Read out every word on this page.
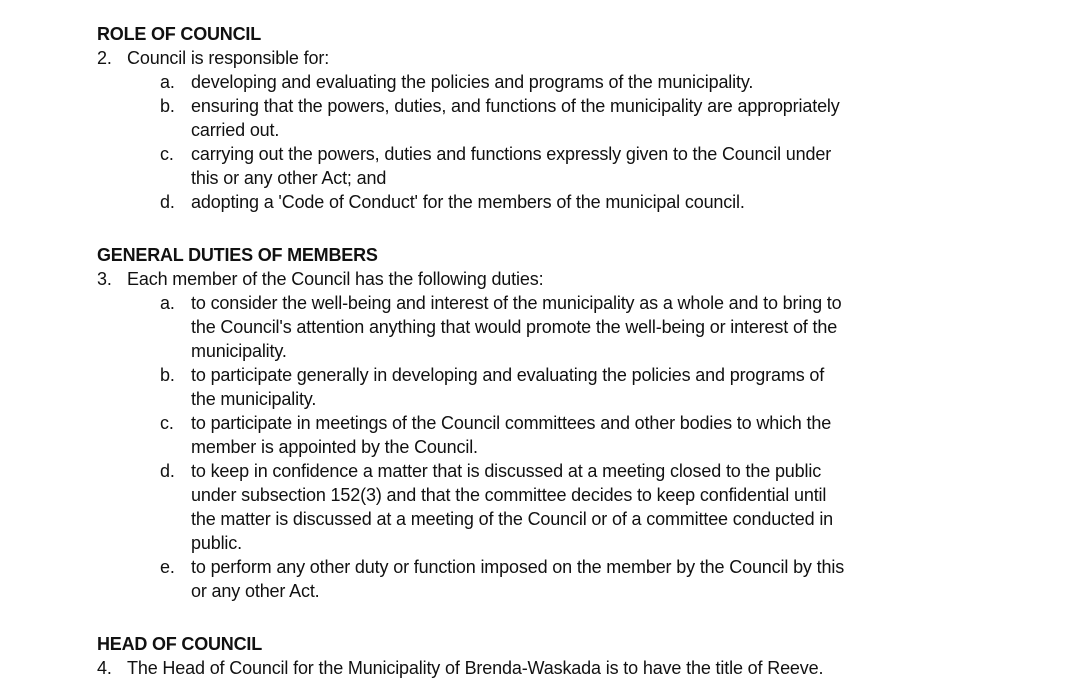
ROLE OF COUNCIL

2. Council is responsible for:
a. developing and evaluating the policies and programs of the municipality.
b. ensuring that the powers, duties, and functions of the municipality are appropriately
carried out.
c. carrying out the powers, duties and functions expressly given to the Council under
this or any other Act; and
d. adopting a 'Code of Conduct' for the members of the municipal council.

GENERAL DUTIES OF MEMBERS

3. Each member of the Council has the following duties:
a. to consider the well-being and interest of the municipality as a whole and to bring to
the Council's attention anything that would promote the well-being or interest of the
municipality.
b. to participate generally in developing and evaluating the policies and programs of
the municipality.
c. to participate in meetings of the Council committees and other bodies to which the
member is appointed by the Council.
d. to keep in confidence a matter that is discussed at a meeting closed to the public
under subsection 152(3) and that the committee decides to keep confidential until
the matter is discussed at a meeting of the Council or of a committee conducted in
public.
e. to perform any other duty or function imposed on the member by the Council by this
or any other Act.

HEAD OF COUNCIL

4. The Head of Council for the Municipality of Brenda-Waskada is to have the title of Reeve.
